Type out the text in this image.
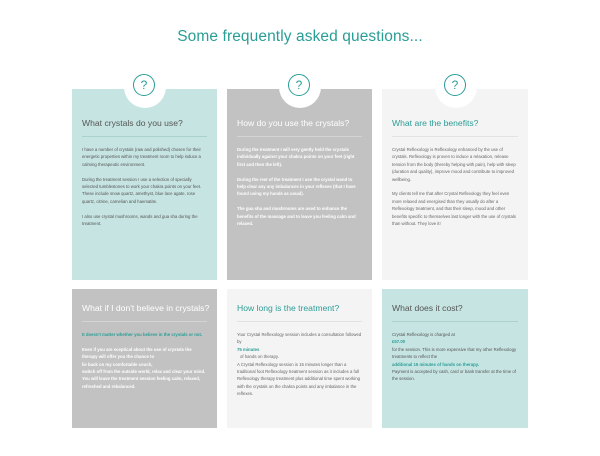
Some frequently asked questions...
What crystals do you use?

I have a number of crystals (raw and polished) chosen for their energetic properties within my treatment room to help induce a calming therapeutic environment.

During the treatment session I use a selection of specially selected tumblestones to work your chakra points on your feet. These include snow quartz, amethyst, blue lace agate, rose quartz, citrine, carnelian and haematite.

I also use crystal mushrooms, wands and gua sha during the treatment.

How do you use the crystals?

During the treatment I will very gently hold the crystals individually against your chakra points on your feet (right first and then the left).

During the rest of the treatment I use the crystal wand to help clear any any imbalances in your reflexes (that I have found using my hands as usual).

The gua sha and mushrooms are used to enhance the benefits of the massage and to leave you feeling calm and relaxed.

What are the benefits?

Crystal Reflexology is Reflexology enhanced by the use of crystals. Reflexology is proven to induce a relaxation, release tension from the body (thereby helping with pain), help with sleep (duration and quality), improve mood and contribute to improved wellbeing.

My clients tell me that after Crystal Reflexology they feel even more relaxed and energised than they usually do after a Reflexology treatment, and that their sleep, mood and other benefits specific to themselves last longer with the use of crystals than without. They love it!

?	?	?
What if I don't believe in crystals?

It doesn't matter whether you believe in the crystals or not.

Even if you are sceptical about the use of crystals the therapy will offer you the chance to

lie back on my comfortable couch,

switch off from the outside world, relax and clear your mind. You will leave the treatment session feeling calm, relaxed, refreshed and rebalanced.

How long is the treatment?

Your Crystal Reflexology session includes a consultation followed by

75 minutes

of hands on therapy.

A Crystal Reflexology session is 15 minutes longer than a traditional foot Reflexology treatment session as it includes a full Reflexology therapy treatment plus additional time spent working with the crystals on the chakra points and any imbalance in the reflexes.

What does it cost?

Crystal Reflexology is charged at

£57.00

for the session. This is more expensive that my other Reflexology treatments to reflect the

additional 15 minutes of hands on therapy.

Payment is accepted by cash, card or bank transfer at the time of the session.
